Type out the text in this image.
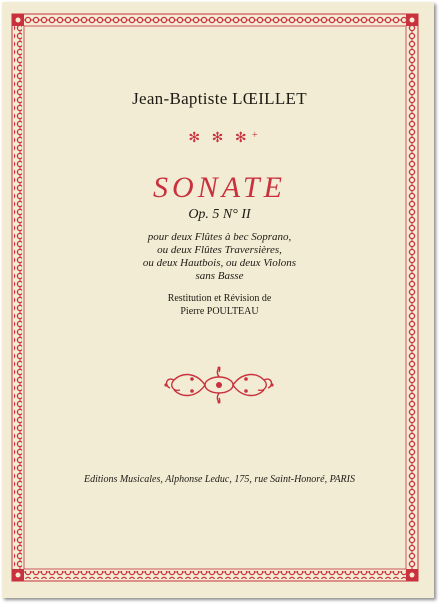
Jean-Baptiste LŒILLET
✻ ✻ ✻ +
SONATE
Op. 5 N° II
pour deux Flûtes à bec Soprano,
ou deux Flûtes Traversières,
ou deux Hautbois, ou deux Violons
sans Basse
Restitution et Révision de
Pierre POULTEAU
Editions Musicales, Alphonse Leduc, 175, rue Saint-Honoré, PARIS
